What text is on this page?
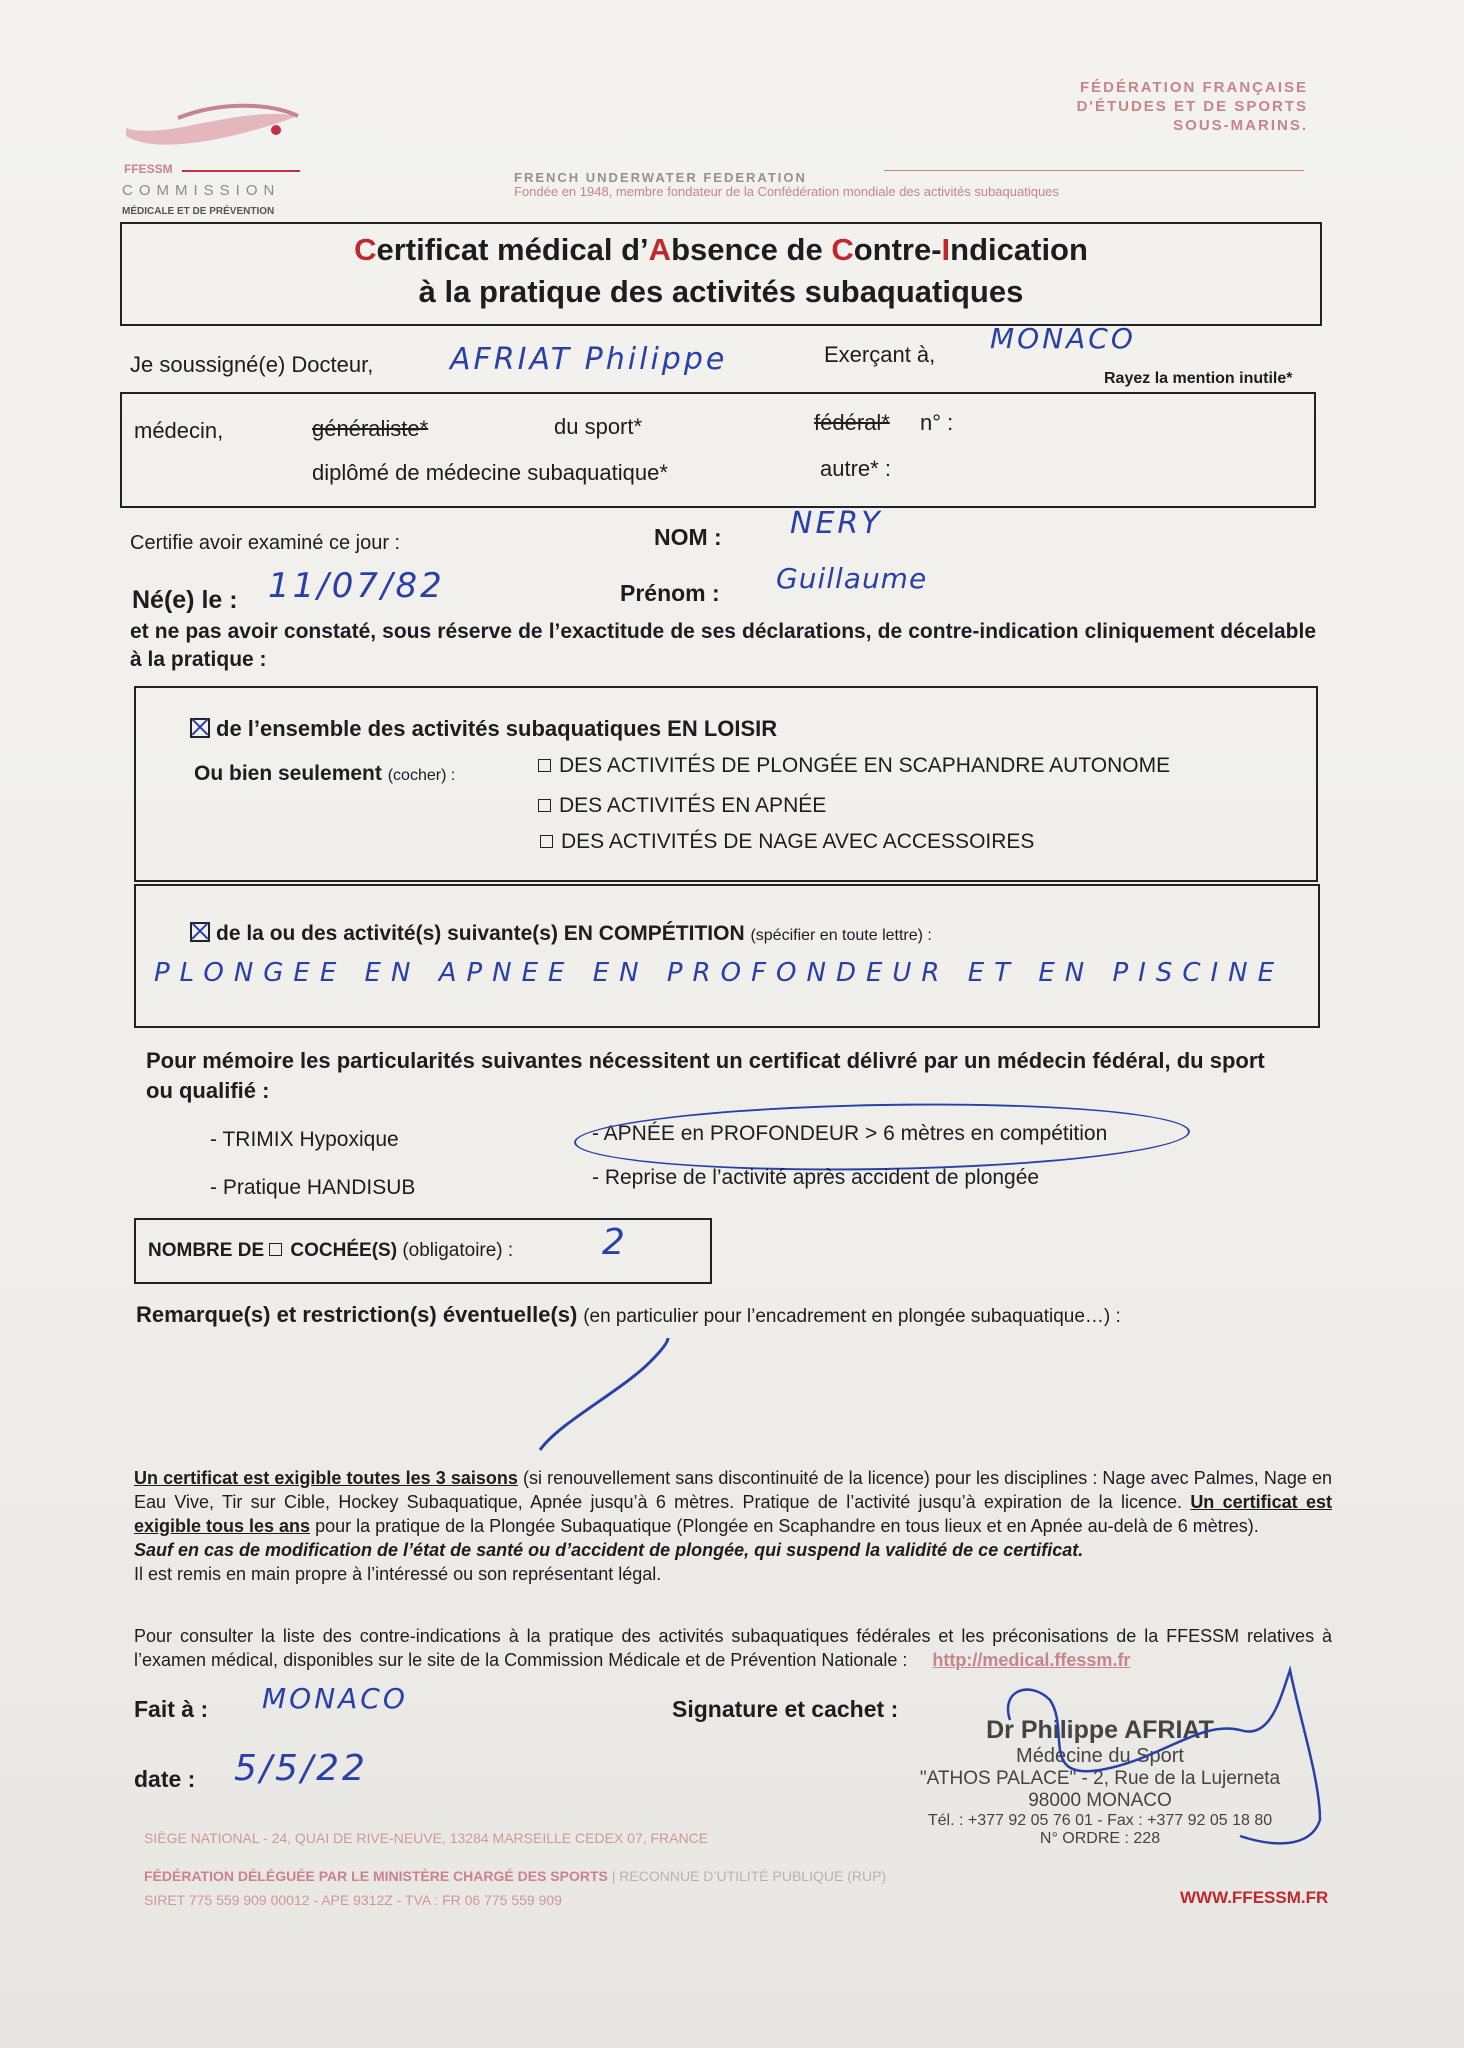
FFESSM
COMMISSION
MÉDICALE ET DE PRÉVENTION
FÉDÉRATION FRANÇAISE
D'ÉTUDES ET DE SPORTS
SOUS-MARINS.
FRENCH UNDERWATER FEDERATION
Fondée en 1948, membre fondateur de la Confédération mondiale des activités subaquatiques
Certificat médical d’Absence de Contre-Indication
à la pratique des activités subaquatiques
Je soussigné(e) Docteur,	AFRIAT Philippe	Exerçant à, MONACO
Rayez la mention inutile*
médecin,	généraliste*	du sport*	fédéral* n° :
diplômé de médecine subaquatique*	autre* :
Certifie avoir examiné ce jour :	NOM : NERY
Né(e) le : 11/07/82	Prénom : Guillaume
et ne pas avoir constaté, sous réserve de l’exactitude de ses déclarations, de contre-indication cliniquement décelable à la pratique :
de l’ensemble des activités subaquatiques EN LOISIR
Ou bien seulement (cocher) :	DES ACTIVITÉS DE PLONGÉE EN SCAPHANDRE AUTONOME
DES ACTIVITÉS EN APNÉE
DES ACTIVITÉS DE NAGE AVEC ACCESSOIRES
de la ou des activité(s) suivante(s) EN COMPÉTITION (spécifier en toute lettre) :
PLONGEE EN APNEE EN PROFONDEUR ET EN PISCINE
Pour mémoire les particularités suivantes nécessitent un certificat délivré par un médecin fédéral, du sport ou qualifié :
- TRIMIX Hypoxique	- APNÉE en PROFONDEUR > 6 mètres en compétition
- Pratique HANDISUB	- Reprise de l’activité après accident de plongée
NOMBRE DE COCHÉE(S) (obligatoire) : 2
Remarque(s) et restriction(s) éventuelle(s) (en particulier pour l’encadrement en plongée subaquatique…) :
Un certificat est exigible toutes les 3 saisons (si renouvellement sans discontinuité de la licence) pour les disciplines : Nage avec Palmes, Nage en Eau Vive, Tir sur Cible, Hockey Subaquatique, Apnée jusqu’à 6 mètres. Pratique de l’activité jusqu’à expiration de la licence. Un certificat est exigible tous les ans pour la pratique de la Plongée Subaquatique (Plongée en Scaphandre en tous lieux et en Apnée au-delà de 6 mètres).
Sauf en cas de modification de l’état de santé ou d’accident de plongée, qui suspend la validité de ce certificat.
Il est remis en main propre à l’intéressé ou son représentant légal.
Pour consulter la liste des contre-indications à la pratique des activités subaquatiques fédérales et les préconisations de la FFESSM relatives à l’examen médical, disponibles sur le site de la Commission Médicale et de Prévention Nationale : http://medical.ffessm.fr
Fait à : MONACO	Signature et cachet :
date : 5/5/22
Dr Philippe AFRIAT
Médecine du Sport
"ATHOS PALACE" - 2, Rue de la Lujerneta
98000 MONACO
Tél. : +377 92 05 76 01 - Fax : +377 92 05 18 80
N° ORDRE : 228
SIÈGE NATIONAL - 24, QUAI DE RIVE-NEUVE, 13284 MARSEILLE CEDEX 07, FRANCE
FÉDÉRATION DÉLÉGUÉE PAR LE MINISTÈRE CHARGÉ DES SPORTS | RECONNUE D’UTILITÉ PUBLIQUE (RUP)
SIRET 775 559 909 00012 - APE 9312Z - TVA : FR 06 775 559 909	WWW.FFESSM.FR
